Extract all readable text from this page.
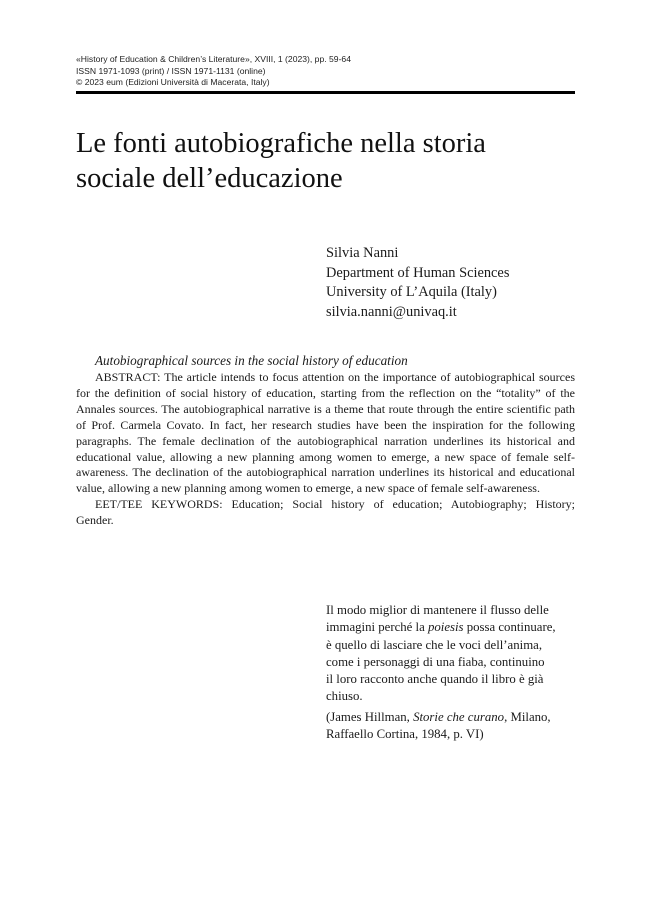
«History of Education & Children’s Literature», XVIII, 1 (2023), pp. 59-64
ISSN 1971-1093 (print) / ISSN 1971-1131 (online)
© 2023 eum (Edizioni Università di Macerata, Italy)
Le fonti autobiografiche nella storia
sociale dell’educazione
Silvia Nanni
Department of Human Sciences
University of L’Aquila (Italy)
silvia.nanni@univaq.it
Autobiographical sources in the social history of education

ABSTRACT: The article intends to focus attention on the importance of autobiographical sources for the definition of social history of education, starting from the reflection on the “totality” of the Annales sources. The autobiographical narrative is a theme that route through the entire scientific path of Prof. Carmela Covato. In fact, her research studies have been the inspiration for the following paragraphs. The female declination of the autobiographical narration underlines its historical and educational value, allowing a new planning among women to emerge, a new space of female self-awareness. The declination of the autobiographical narration underlines its historical and educational value, allowing a new planning among women to emerge, a new space of female self-awareness.

EET/TEE KEYWORDS: Education; Social history of education; Autobiography; History; Gender.

Il modo miglior di mantenere il flusso delle
immagini perché la poiesis possa continuare,
è quello di lasciare che le voci dell’anima,
come i personaggi di una fiaba, continuino
il loro racconto anche quando il libro è già
chiuso.
(James Hillman, Storie che curano, Milano,
Raffaello Cortina, 1984, p. VI)
